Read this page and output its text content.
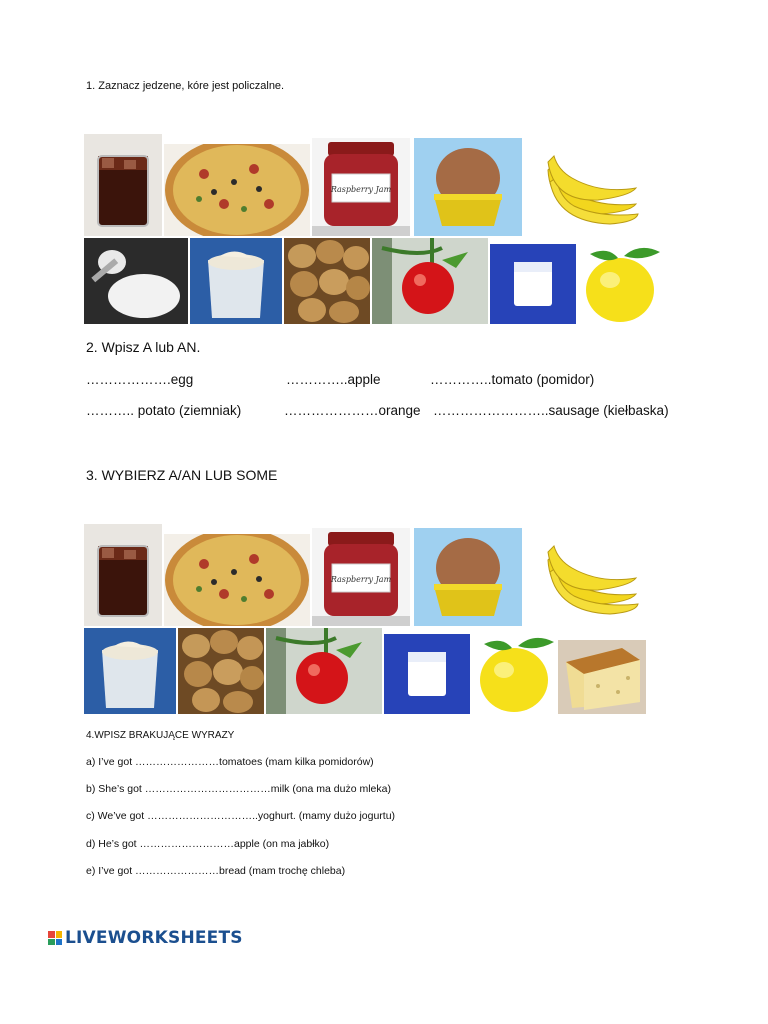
1. Zaznacz jedzene, kóre jest policzalne.
Raspberry Jam
2. Wpisz A lub AN.
……………….egg	…………..apple	…………..tomato (pomidor)
……….. potato (ziemniak)	…………………orange ……………………..sausage (kiełbaska)
3. WYBIERZ A/AN LUB SOME
Raspberry Jam
4.WPISZ BRAKUJĄCE WYRAZY
a) I’ve got ……………………tomatoes (mam kilka pomidorów)
b) She’s got ………………………………milk (ona ma dużo mleka)
c) We’ve got …………………………..yoghurt. (mamy dużo jogurtu)
d) He’s got ………………………apple (on ma jabłko)
e) I’ve got ……………………bread (mam trochę chleba)
LIVEWORKSHEETS
